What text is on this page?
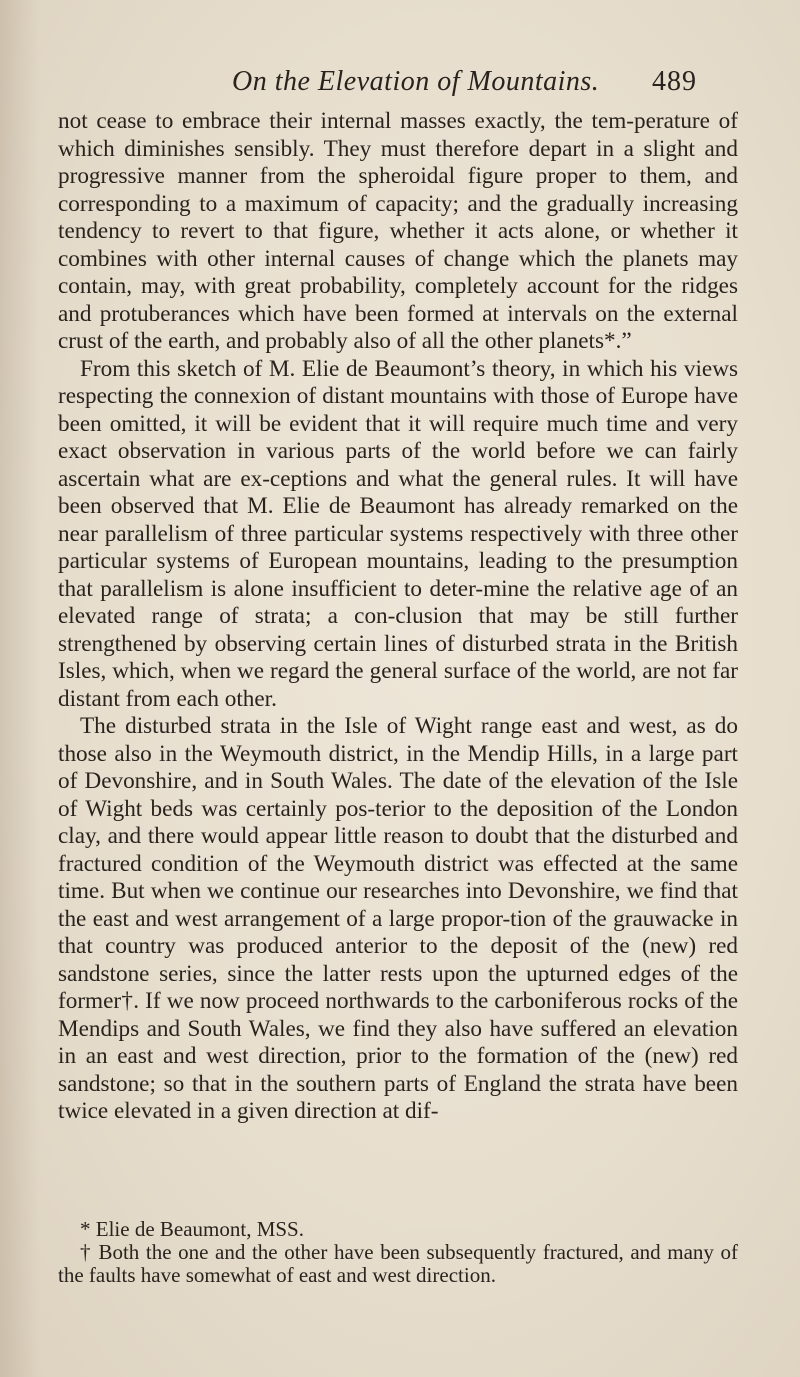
On the Elevation of Mountains. 489

not cease to embrace their internal masses exactly, the tem-perature of which diminishes sensibly. They must therefore depart in a slight and progressive manner from the spheroidal figure proper to them, and corresponding to a maximum of capacity; and the gradually increasing tendency to revert to that figure, whether it acts alone, or whether it combines with other internal causes of change which the planets may contain, may, with great probability, completely account for the ridges and protuberances which have been formed at intervals on the external crust of the earth, and probably also of all the other planets*.”

From this sketch of M. Elie de Beaumont’s theory, in which his views respecting the connexion of distant mountains with those of Europe have been omitted, it will be evident that it will require much time and very exact observation in various parts of the world before we can fairly ascertain what are ex-ceptions and what the general rules. It will have been observed that M. Elie de Beaumont has already remarked on the near parallelism of three particular systems respectively with three other particular systems of European mountains, leading to the presumption that parallelism is alone insufficient to deter-mine the relative age of an elevated range of strata; a con-clusion that may be still further strengthened by observing certain lines of disturbed strata in the British Isles, which, when we regard the general surface of the world, are not far distant from each other.

The disturbed strata in the Isle of Wight range east and west, as do those also in the Weymouth district, in the Mendip Hills, in a large part of Devonshire, and in South Wales. The date of the elevation of the Isle of Wight beds was certainly pos-terior to the deposition of the London clay, and there would appear little reason to doubt that the disturbed and fractured condition of the Weymouth district was effected at the same time. But when we continue our researches into Devonshire, we find that the east and west arrangement of a large propor-tion of the grauwacke in that country was produced anterior to the deposit of the (new) red sandstone series, since the latter rests upon the upturned edges of the former†. If we now proceed northwards to the carboniferous rocks of the Mendips and South Wales, we find they also have suffered an elevation in an east and west direction, prior to the formation of the (new) red sandstone; so that in the southern parts of England the strata have been twice elevated in a given direction at dif-

* Elie de Beaumont, MSS.

† Both the one and the other have been subsequently fractured, and many of the faults have somewhat of east and west direction.
